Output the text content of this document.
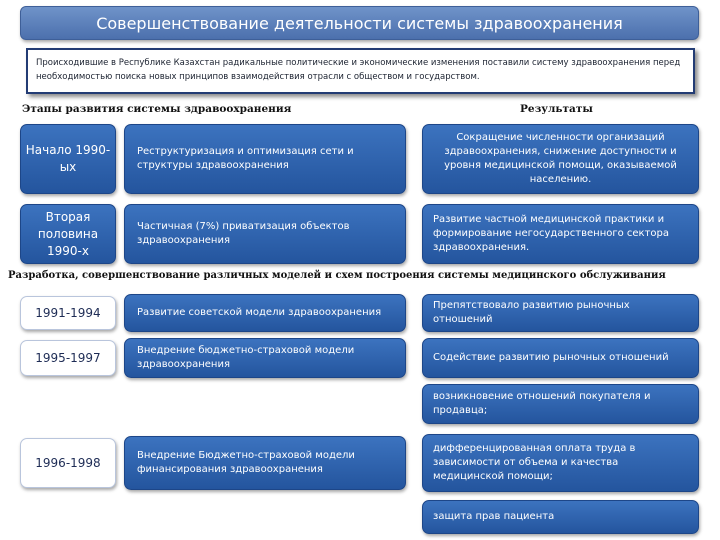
Совершенствование деятельности системы здравоохранения
Происходившие в Республике Казахстан радикальные политические и экономические изменения поставили систему здравоохранения перед необходимостью поиска новых принципов взаимодействия отрасли с обществом и государством.
Этапы развития системы здравоохранения	Результаты
Начало 1990-ых
Реструктуризация и оптимизация сети и структуры здравоохранения
Сокращение численности организаций здравоохранения, снижение доступности и уровня медицинской помощи, оказываемой населению.
Вторая половина 1990-х
Частичная (7%) приватизация объектов здравоохранения
Развитие частной медицинской практики и формирование негосударственного сектора здравоохранения.
Разработка, совершенствование различных моделей и схем построения системы медицинского обслуживания
1991-1994	Развитие советской модели здравоохранения
Препятствовало развитию рыночных отношений
1995-1997
Внедрение бюджетно-страховой модели здравоохранения
Содействие развитию рыночных отношений
возникновение отношений покупателя и продавца;
1996-1998
Внедрение Бюджетно-страховой модели финансирования здравоохранения
дифференцированная оплата труда в зависимости от объема и качества медицинской помощи;
защита прав пациента
